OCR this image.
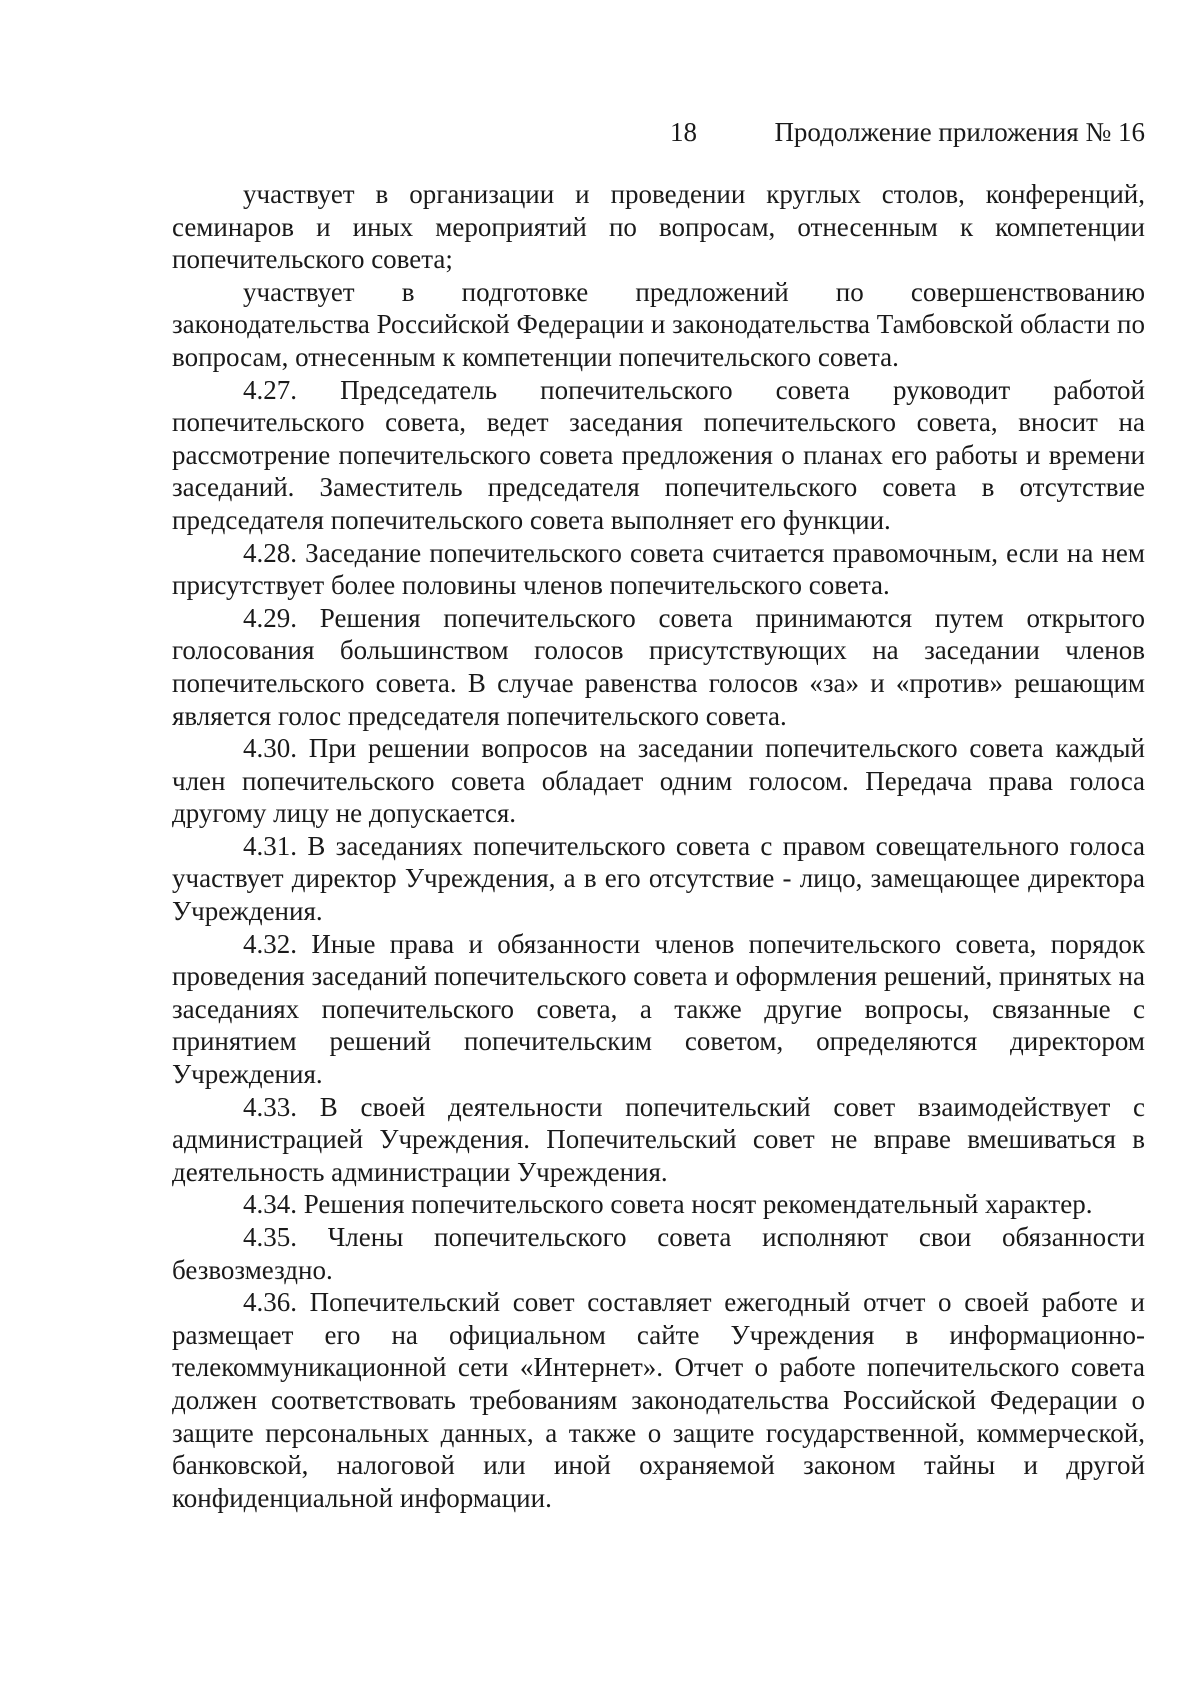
18	Продолжение приложения № 16

участвует в организации и проведении круглых столов, конференций, семинаров и иных мероприятий по вопросам, отнесенным к компетенции попечительского совета;

участвует в подготовке предложений по совершенствованию законодательства Российской Федерации и законодательства Тамбовской области по вопросам, отнесенным к компетенции попечительского совета.

4.27. Председатель попечительского совета руководит работой попечительского совета, ведет заседания попечительского совета, вносит на рассмотрение попечительского совета предложения о планах его работы и времени заседаний. Заместитель председателя попечительского совета в отсутствие председателя попечительского совета выполняет его функции.

4.28. Заседание попечительского совета считается правомочным, если на нем присутствует более половины членов попечительского совета.

4.29. Решения попечительского совета принимаются путем открытого голосования большинством голосов присутствующих на заседании членов попечительского совета. В случае равенства голосов «за» и «против» решающим является голос председателя попечительского совета.

4.30. При решении вопросов на заседании попечительского совета каждый член попечительского совета обладает одним голосом. Передача права голоса другому лицу не допускается.

4.31. В заседаниях попечительского совета с правом совещательного голоса участвует директор Учреждения, а в его отсутствие - лицо, замещающее директора Учреждения.

4.32. Иные права и обязанности членов попечительского совета, порядок проведения заседаний попечительского совета и оформления решений, принятых на заседаниях попечительского совета, а также другие вопросы, связанные с принятием решений попечительским советом, определяются директором Учреждения.

4.33. В своей деятельности попечительский совет взаимодействует с администрацией Учреждения. Попечительский совет не вправе вмешиваться в деятельность администрации Учреждения.

4.34. Решения попечительского совета носят рекомендательный характер.

4.35. Члены попечительского совета исполняют свои обязанности безвозмездно.

4.36. Попечительский совет составляет ежегодный отчет о своей работе и размещает его на официальном сайте Учреждения в информационно-телекоммуникационной сети «Интернет». Отчет о работе попечительского совета должен соответствовать требованиям законодательства Российской Федерации о защите персональных данных, а также о защите государственной, коммерческой, банковской, налоговой или иной охраняемой законом тайны и другой конфиденциальной информации.
